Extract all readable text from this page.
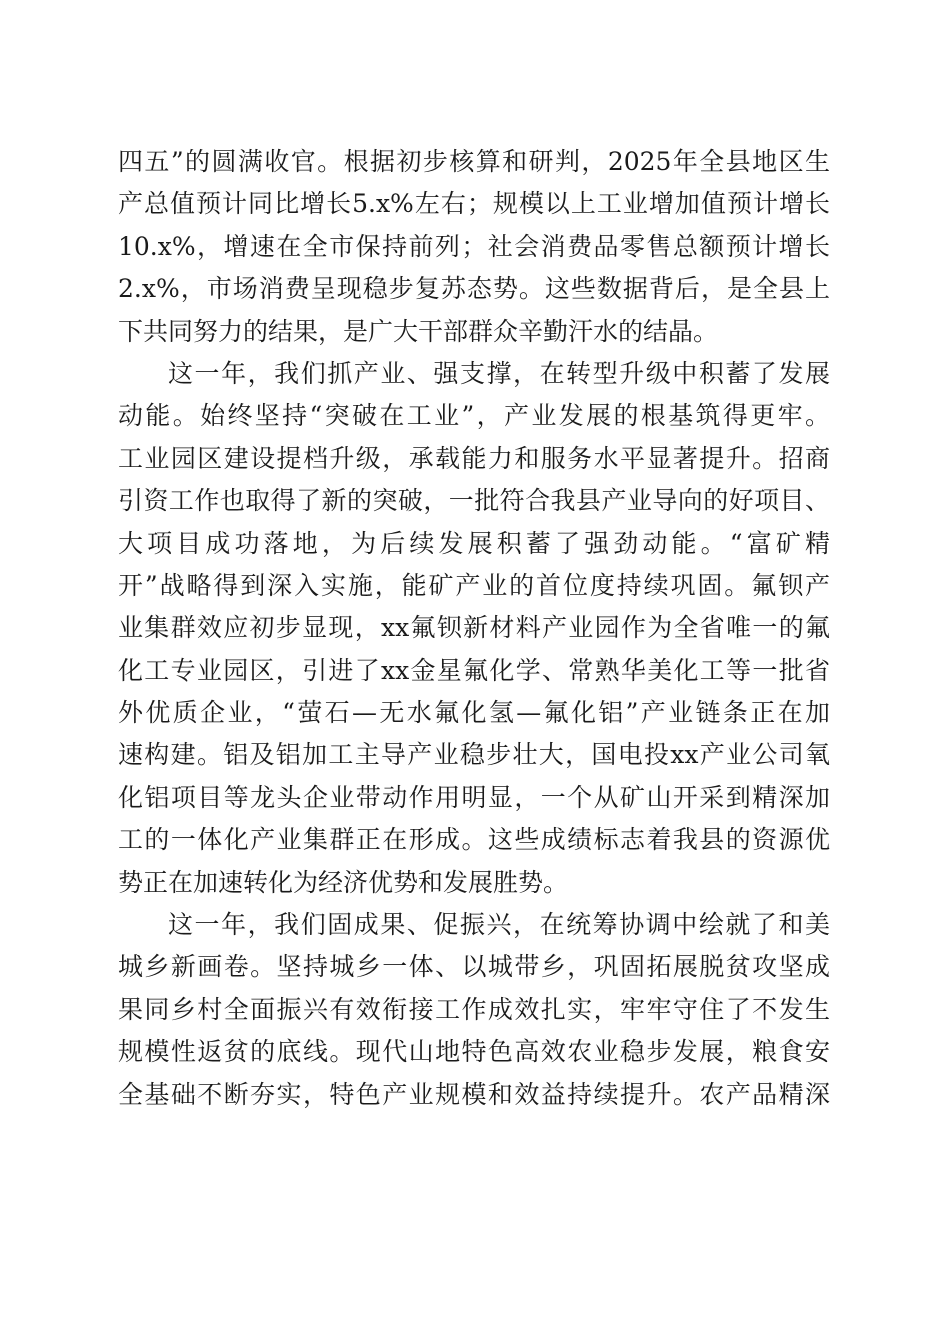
四五”的圆满收官。根据初步核算和研判，2025年全县地区生
产总值预计同比增长5.x%左右；规模以上工业增加值预计增长
10.x%，增速在全市保持前列；社会消费品零售总额预计增长
2.x%，市场消费呈现稳步复苏态势。这些数据背后，是全县上
下共同努力的结果，是广大干部群众辛勤汗水的结晶。
这一年，我们抓产业、强支撑，在转型升级中积蓄了发展
动能。始终坚持“突破在工业”，产业发展的根基筑得更牢。
工业园区建设提档升级，承载能力和服务水平显著提升。招商
引资工作也取得了新的突破，一批符合我县产业导向的好项目、
大项目成功落地，为后续发展积蓄了强劲动能。“富矿精
开”战略得到深入实施，能矿产业的首位度持续巩固。氟钡产
业集群效应初步显现，xx氟钡新材料产业园作为全省唯一的氟
化工专业园区，引进了xx金星氟化学、常熟华美化工等一批省
外优质企业，“萤石—无水氟化氢—氟化铝”产业链条正在加
速构建。铝及铝加工主导产业稳步壮大，国电投xx产业公司氧
化铝项目等龙头企业带动作用明显，一个从矿山开采到精深加
工的一体化产业集群正在形成。这些成绩标志着我县的资源优
势正在加速转化为经济优势和发展胜势。
这一年，我们固成果、促振兴，在统筹协调中绘就了和美
城乡新画卷。坚持城乡一体、以城带乡，巩固拓展脱贫攻坚成
果同乡村全面振兴有效衔接工作成效扎实，牢牢守住了不发生
规模性返贫的底线。现代山地特色高效农业稳步发展，粮食安
全基础不断夯实，特色产业规模和效益持续提升。农产品精深
